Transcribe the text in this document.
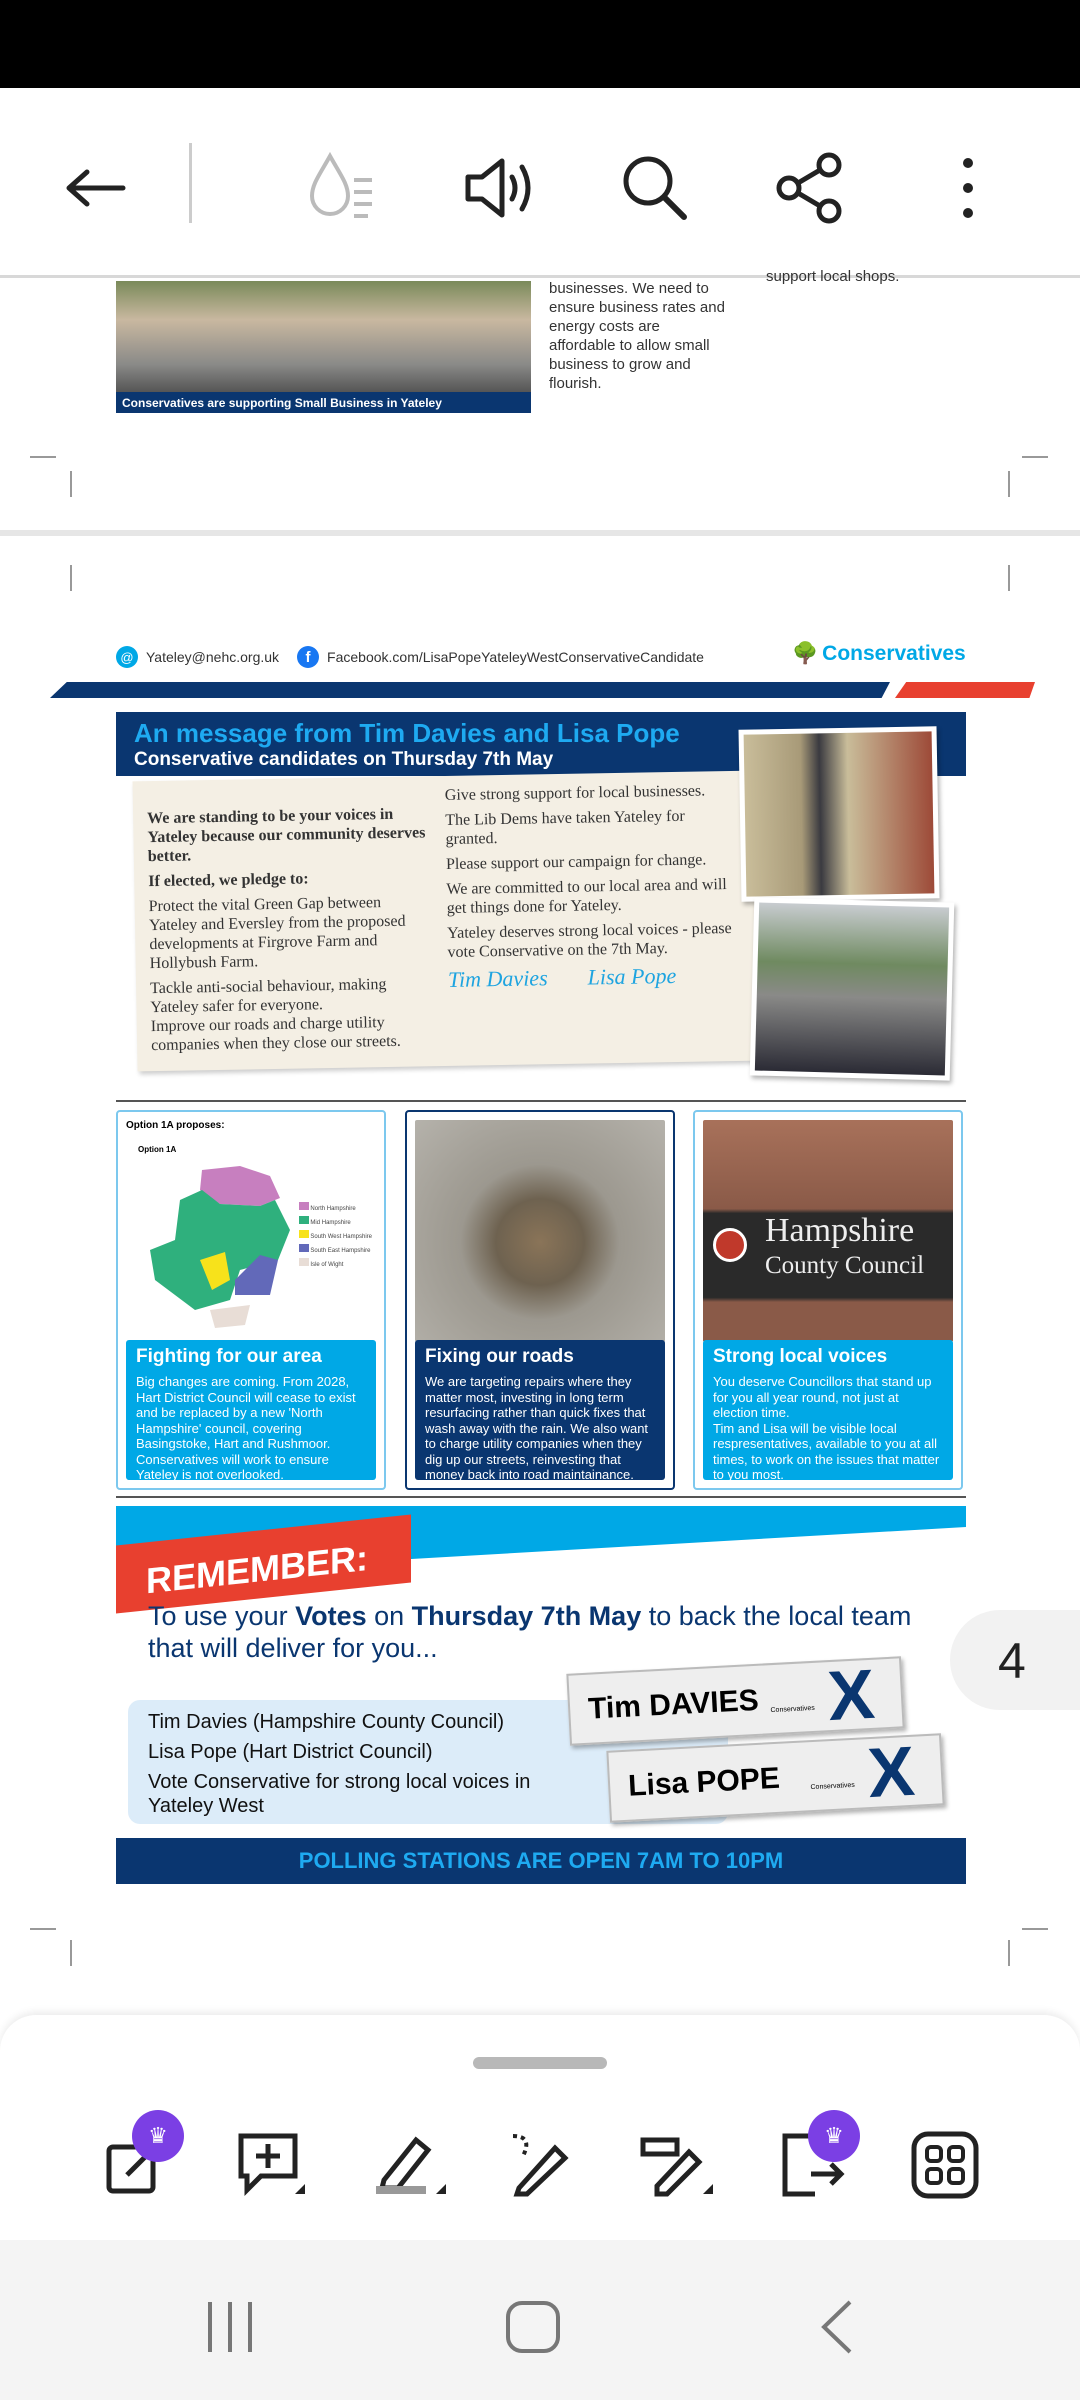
Conservatives are supporting Small Business in Yateley
businesses. We need to
ensure business rates and
energy costs are
affordable to allow small
business to grow and
flourish.
support local shops.
@ Yateley@nehc.org.uk	f	Facebook.com/LisaPopeYateleyWestConservativeCandidate	🌳 Conservatives
An message from Tim Davies and Lisa Pope
Conservative candidates on Thursday 7th May

We are standing to be your voices in Yateley because our community deserves better.

If elected, we pledge to:

Protect the vital Green Gap between Yateley and Eversley from the proposed developments at Firgrove Farm and Hollybush Farm.

Tackle anti-social behaviour, making Yateley safer for everyone.

Improve our roads and charge utility companies when they close our streets.

Give strong support for local businesses.

The Lib Dems have taken Yateley for granted.

Please support our campaign for change.

We are committed to our local area and will get things done for Yateley.

Yateley deserves strong local voices - please vote Conservative on the 7th May.

Tim Davies Lisa Pope
Option 1A proposes:
Option 1A
North Hampshire
Mid Hampshire
South West Hampshire
South East Hampshire
Isle of Wight
Fighting for our area

Big changes are coming. From 2028, Hart District Council will cease to exist and be replaced by a new 'North Hampshire' council, covering Basingstoke, Hart and Rushmoor. Conservatives will work to ensure Yateley is not overlooked.

Fixing our roads

We are targeting repairs where they matter most, investing in long term resurfacing rather than quick fixes that wash away with the rain. We also want to charge utility companies when they dig up our streets, reinvesting that money back into road maintainance.

Hampshire
County Council
Strong local voices

You deserve Councillors that stand up for you all year round, not just at election time.
Tim and Lisa will be visible local respresentatives, available to you at all times, to work on the issues that matter to you most.

REMEMBER:
To use your Votes on Thursday 7th May to back the local team that will deliver for you...
Tim Davies (Hampshire County Council)
Lisa Pope (Hart District Council)
Vote Conservative for strong local voices in Yateley West
Tim DAVIES Conservatives X
Lisa POPE	Conservatives X
POLLING STATIONS ARE OPEN 7AM TO 10PM
4
♛	♛
